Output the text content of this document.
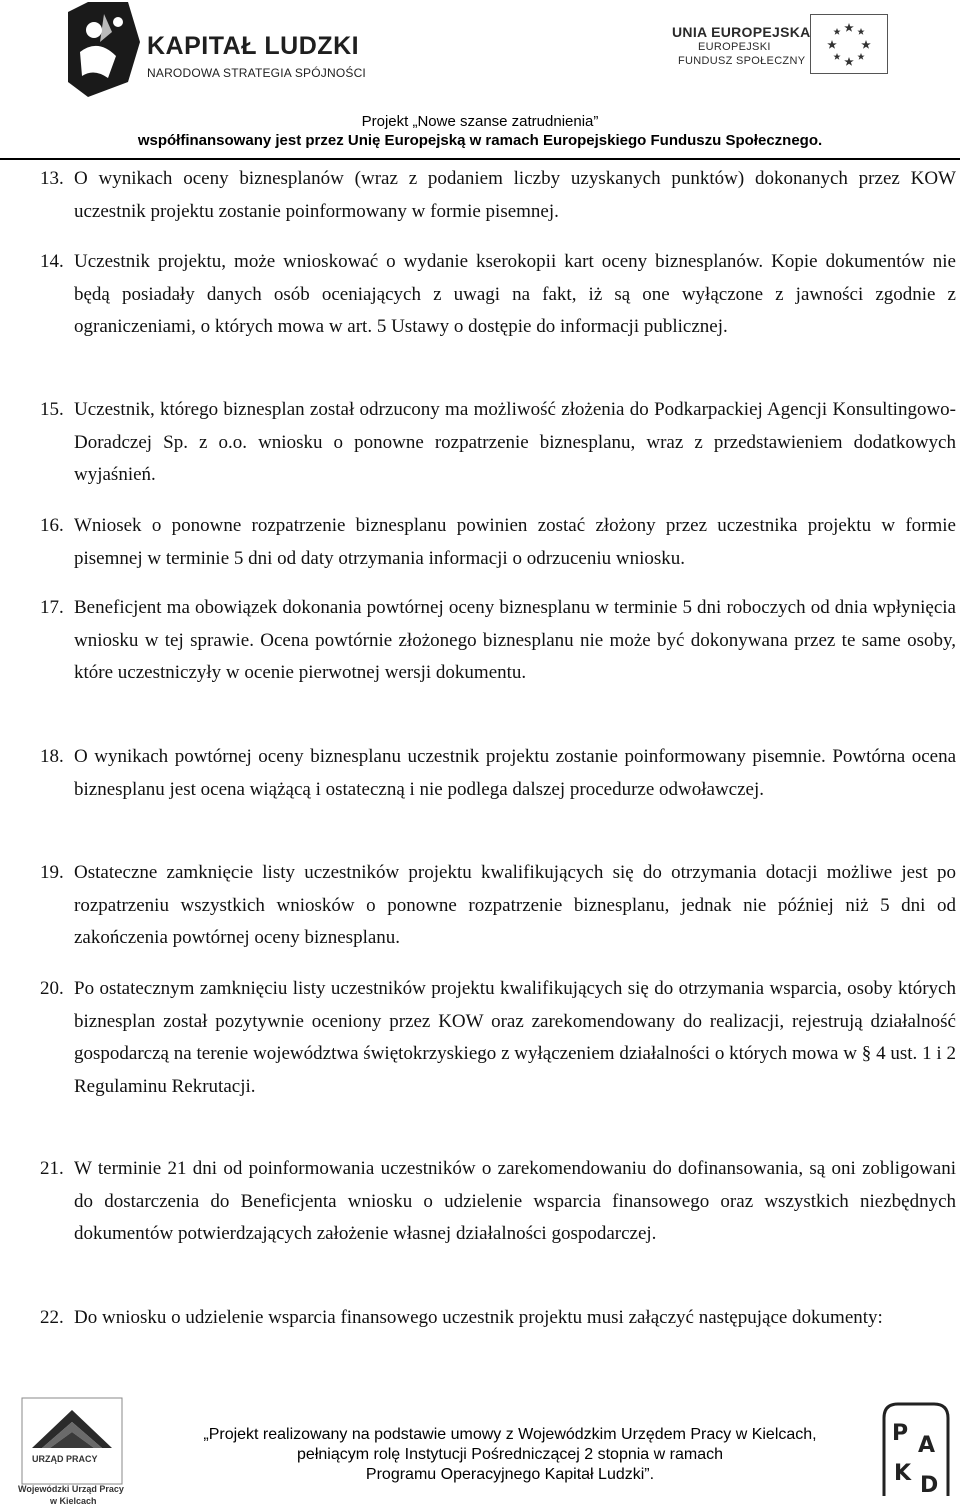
KAPITAŁ LUDZKI
NARODOWA STRATEGIA SPÓJNOŚCI
UNIA EUROPEJSKA
EUROPEJSKI
FUNDUSZ SPOŁECZNY
Projekt „Nowe szanse zatrudnienia”
współfinansowany jest przez Unię Europejską w ramach Europejskiego Funduszu Społecznego.
13. O wynikach oceny biznesplanów (wraz z podaniem liczby uzyskanych punktów) dokonanych przez KOW uczestnik projektu zostanie poinformowany w formie pisemnej.
14. Uczestnik projektu, może wnioskować o wydanie kserokopii kart oceny biznesplanów. Kopie dokumentów nie będą posiadały danych osób oceniających z uwagi na fakt, iż są one wyłączone z jawności zgodnie z ograniczeniami, o których mowa w art. 5 Ustawy o dostępie do informacji publicznej.
15. Uczestnik, którego biznesplan został odrzucony ma możliwość złożenia do Podkarpackiej Agencji Konsultingowo-Doradczej Sp. z o.o. wniosku o ponowne rozpatrzenie biznesplanu, wraz z przedstawieniem dodatkowych wyjaśnień.
16. Wniosek o ponowne rozpatrzenie biznesplanu powinien zostać złożony przez uczestnika projektu w formie pisemnej w terminie 5 dni od daty otrzymania informacji o odrzuceniu wniosku.
17. Beneficjent ma obowiązek dokonania powtórnej oceny biznesplanu w terminie 5 dni roboczych od dnia wpłynięcia wniosku w tej sprawie. Ocena powtórnie złożonego biznesplanu nie może być dokonywana przez te same osoby, które uczestniczyły w ocenie pierwotnej wersji dokumentu.
18. O wynikach powtórnej oceny biznesplanu uczestnik projektu zostanie poinformowany pisemnie. Powtórna ocena biznesplanu jest ocena wiążącą i ostateczną i nie podlega dalszej procedurze odwoławczej.
19. Ostateczne zamknięcie listy uczestników projektu kwalifikujących się do otrzymania dotacji możliwe jest po rozpatrzeniu wszystkich wniosków o ponowne rozpatrzenie biznesplanu, jednak nie później niż 5 dni od zakończenia powtórnej oceny biznesplanu.
20. Po ostatecznym zamknięciu listy uczestników projektu kwalifikujących się do otrzymania wsparcia, osoby których biznesplan został pozytywnie oceniony przez KOW oraz zarekomendowany do realizacji, rejestrują działalność gospodarczą na terenie województwa świętokrzyskiego z wyłączeniem działalności o których mowa w § 4 ust. 1 i 2 Regulaminu Rekrutacji.
21. W terminie 21 dni od poinformowania uczestników o zarekomendowaniu do dofinansowania, są oni zobligowani do dostarczenia do Beneficjenta wniosku o udzielenie wsparcia finansowego oraz wszystkich niezbędnych dokumentów potwierdzających założenie własnej działalności gospodarczej.
22. Do wniosku o udzielenie wsparcia finansowego uczestnik projektu musi załączyć następujące dokumenty:
URZĄD PRACY
Wojewódzki Urząd Pracy
w Kielcach
„Projekt realizowany na podstawie umowy z Wojewódzkim Urzędem Pracy w Kielcach,
pełniącym rolę Instytucji Pośredniczącej 2 stopnia w ramach
Programu Operacyjnego Kapitał Ludzki”.
P A
K D
